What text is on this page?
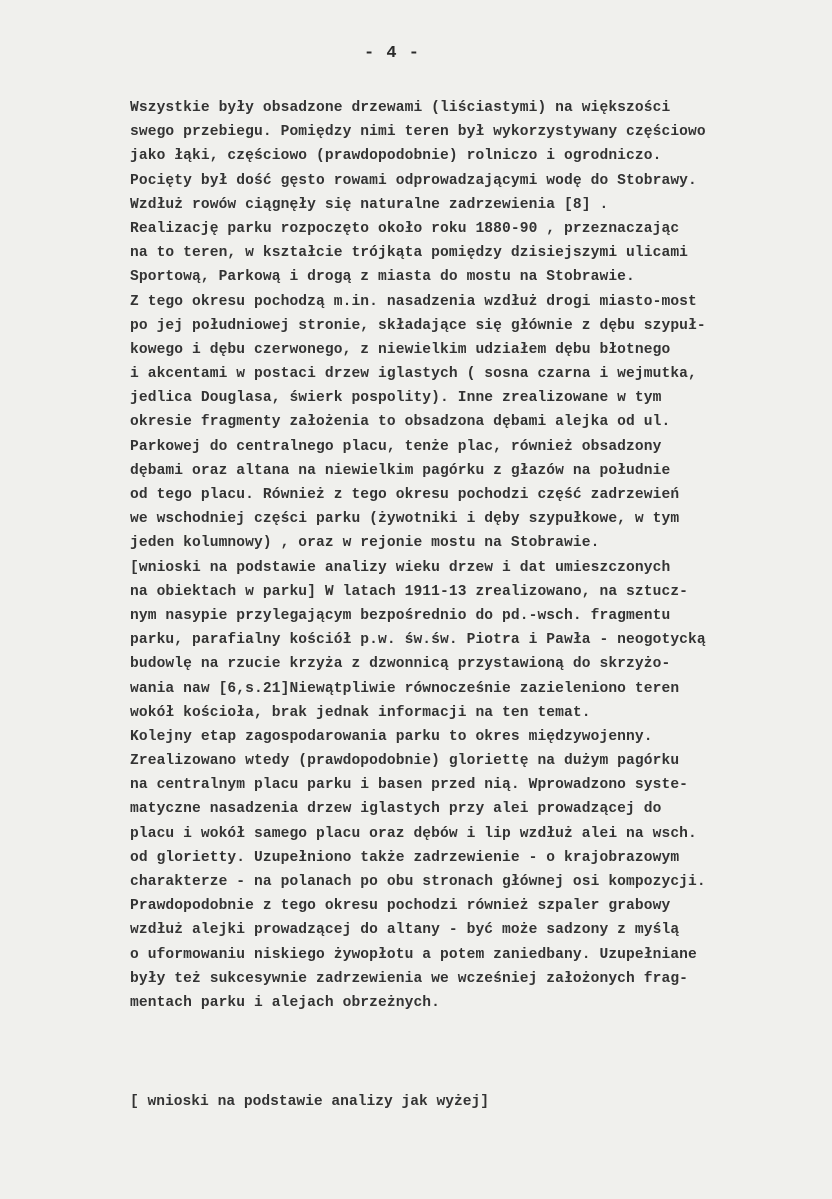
- 4 -
Wszystkie były obsadzone drzewami (liściastymi) na większości
swego przebiegu. Pomiędzy nimi teren był wykorzystywany częściowo
jako łąki, częściowo (prawdopodobnie) rolniczo i ogrodniczo.
Pocięty był dość gęsto rowami odprowadzającymi wodę do Stobrawy.
Wzdłuż rowów ciągnęły się naturalne zadrzewienia [8] .
Realizację parku rozpoczęto około roku 1880-90 , przeznaczając
na to teren, w kształcie trójkąta pomiędzy dzisiejszymi ulicami
Sportową, Parkową i drogą z miasta do mostu na Stobrawie.
Z tego okresu pochodzą m.in. nasadzenia wzdłuż drogi miasto-most
po jej południowej stronie, składające się głównie z dębu szypuł-
kowego i dębu czerwonego, z niewielkim udziałem dębu błotnego
i akcentami w postaci drzew iglastych ( sosna czarna i wejmutka,
jedlica Douglasa, świerk pospolity). Inne zrealizowane w tym
okresie fragmenty założenia to obsadzona dębami alejka od ul.
Parkowej do centralnego placu, tenże plac, również obsadzony
dębami oraz altana na niewielkim pagórku z głazów na południe
od tego placu. Również z tego okresu pochodzi część zadrzewień
we wschodniej części parku (żywotniki i dęby szypułkowe, w tym
jeden kolumnowy) , oraz w rejonie mostu na Stobrawie.
[wnioski na podstawie analizy wieku drzew i dat umieszczonych
na obiektach w parku] W latach 1911-13 zrealizowano, na sztucz-
nym nasypie przylegającym bezpośrednio do pd.-wsch. fragmentu
parku, parafialny kościół p.w. św.św. Piotra i Pawła - neogotycką
budowlę na rzucie krzyża z dzwonnicą przystawioną do skrzyżo-
wania naw [6,s.21]Niewątpliwie równocześnie zazieleniono teren
wokół kościoła, brak jednak informacji na ten temat.
Kolejny etap zagospodarowania parku to okres międzywojenny.
Zrealizowano wtedy (prawdopodobnie) gloriettę na dużym pagórku
na centralnym placu parku i basen przed nią. Wprowadzono syste-
matyczne nasadzenia drzew iglastych przy alei prowadzącej do
placu i wokół samego placu oraz dębów i lip wzdłuż alei na wsch.
od glorietty. Uzupełniono także zadrzewienie - o krajobrazowym
charakterze - na polanach po obu stronach głównej osi kompozycji.
Prawdopodobnie z tego okresu pochodzi również szpaler grabowy
wzdłuż alejki prowadzącej do altany - być może sadzony z myślą
o uformowaniu niskiego żywopłotu a potem zaniedbany. Uzupełniane
były też sukcesywnie zadrzewienia we wcześniej założonych frag-
mentach parku i alejach obrzeżnych.
[ wnioski na podstawie analizy jak wyżej]
